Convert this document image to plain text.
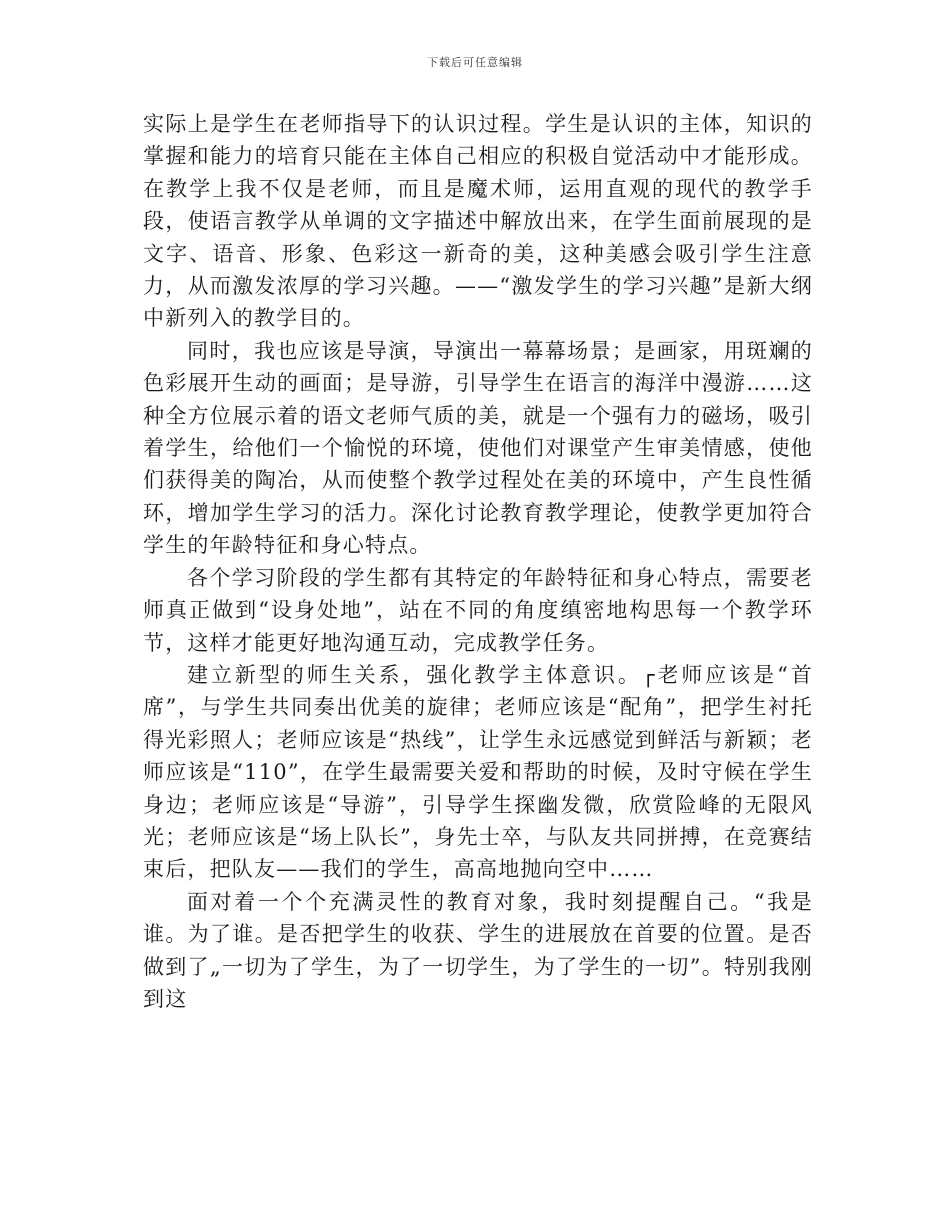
下载后可任意编辑

实际上是学生在老师指导下的认识过程。学生是认识的主体，知识的掌握和能力的培育只能在主体自己相应的积极自觉活动中才能形成。在教学上我不仅是老师，而且是魔术师，运用直观的现代的教学手段，使语言教学从单调的文字描述中解放出来，在学生面前展现的是文字、语音、形象、色彩这一新奇的美，这种美感会吸引学生注意力，从而激发浓厚的学习兴趣。——“激发学生的学习兴趣”是新大纲中新列入的教学目的。

同时，我也应该是导演，导演出一幕幕场景；是画家，用斑斓的色彩展开生动的画面；是导游，引导学生在语言的海洋中漫游……这种全方位展示着的语文老师气质的美，就是一个强有力的磁场，吸引着学生，给他们一个愉悦的环境，使他们对课堂产生审美情感，使他们获得美的陶冶，从而使整个教学过程处在美的环境中，产生良性循环，增加学生学习的活力。深化讨论教育教学理论，使教学更加符合学生的年龄特征和身心特点。

各个学习阶段的学生都有其特定的年龄特征和身心特点，需要老师真正做到“设身处地”，站在不同的角度缜密地构思每一个教学环节，这样才能更好地沟通互动，完成教学任务。

建立新型的师生关系，强化教学主体意识。┌老师应该是“首席”，与学生共同奏出优美的旋律；老师应该是“配角”，把学生衬托得光彩照人；老师应该是“热线”，让学生永远感觉到鲜活与新颖；老师应该是“110”，在学生最需要关爱和帮助的时候，及时守候在学生身边；老师应该是“导游”，引导学生探幽发微，欣赏险峰的无限风光；老师应该是“场上队长”，身先士卒，与队友共同拼搏，在竞赛结束后，把队友——我们的学生，高高地抛向空中……

面对着一个个充满灵性的教育对象，我时刻提醒自己。“我是谁。为了谁。是否把学生的收获、学生的进展放在首要的位置。是否做到了„一切为了学生，为了一切学生，为了学生的一切”。特别我刚到这
